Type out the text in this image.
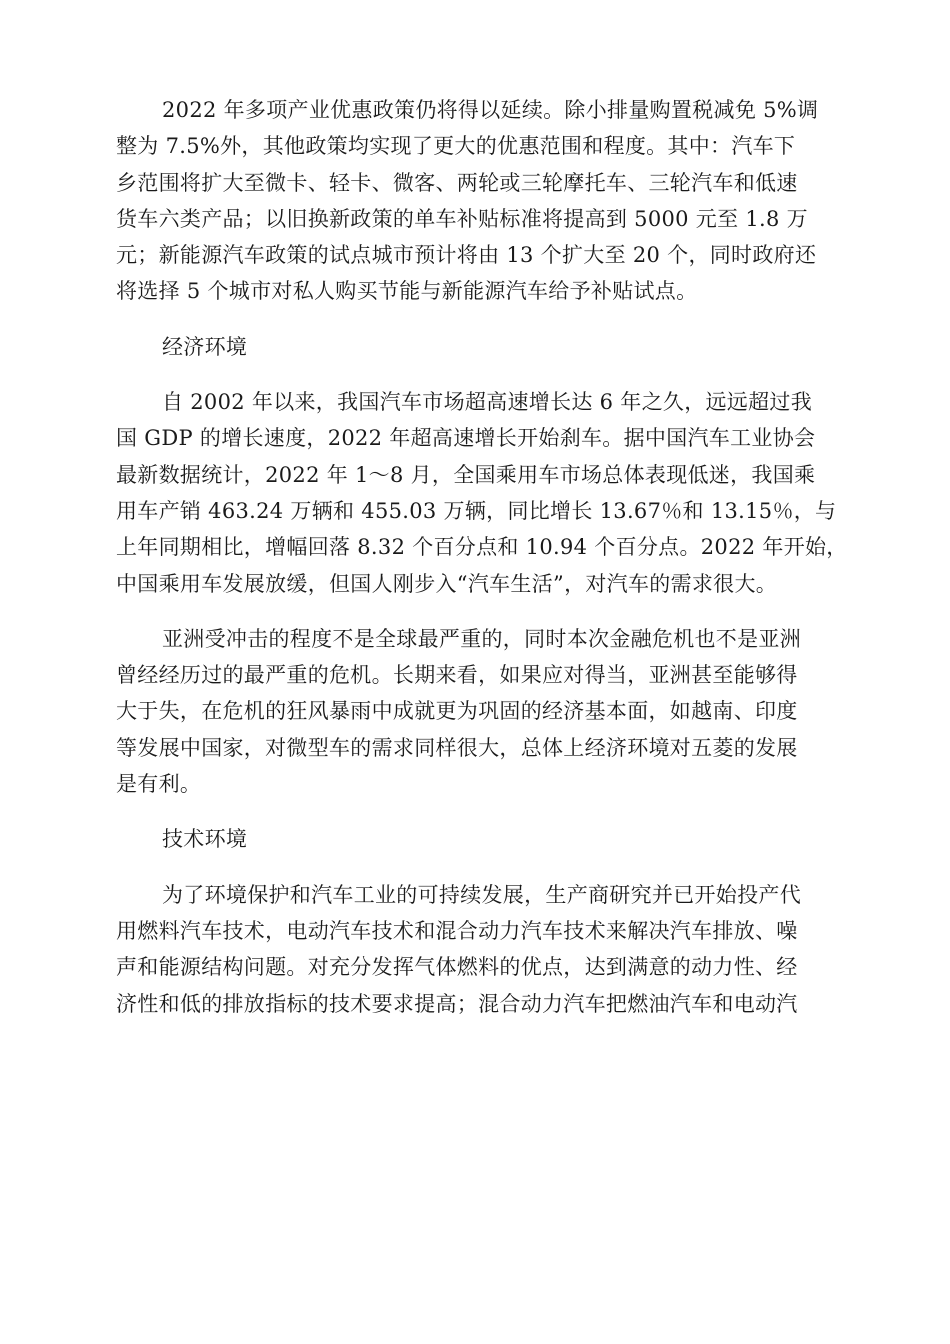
2022 年多项产业优惠政策仍将得以延续。除小排量购置税减免 5%调
整为 7.5%外，其他政策均实现了更大的优惠范围和程度。其中：汽车下
乡范围将扩大至微卡、轻卡、微客、两轮或三轮摩托车、三轮汽车和低速
货车六类产品；以旧换新政策的单车补贴标准将提高到 5000 元至 1.8 万
元；新能源汽车政策的试点城市预计将由 13 个扩大至 20 个，同时政府还
将选择 5 个城市对私人购买节能与新能源汽车给予补贴试点。
经济环境
自 2002 年以来，我国汽车市场超高速增长达 6 年之久，远远超过我
国 GDP 的增长速度，2022 年超高速增长开始刹车。据中国汽车工业协会
最新数据统计，2022 年 1～8 月，全国乘用车市场总体表现低迷，我国乘
用车产销 463.24 万辆和 455.03 万辆，同比增长 13.67％和 13.15％，与
上年同期相比，增幅回落 8.32 个百分点和 10.94 个百分点。2022 年开始，
中国乘用车发展放缓，但国人刚步入“汽车生活”，对汽车的需求很大。
亚洲受冲击的程度不是全球最严重的，同时本次金融危机也不是亚洲
曾经经历过的最严重的危机。长期来看，如果应对得当，亚洲甚至能够得
大于失，在危机的狂风暴雨中成就更为巩固的经济基本面，如越南、印度
等发展中国家，对微型车的需求同样很大，总体上经济环境对五菱的发展
是有利。
技术环境
为了环境保护和汽车工业的可持续发展，生产商研究并已开始投产代
用燃料汽车技术，电动汽车技术和混合动力汽车技术来解决汽车排放、噪
声和能源结构问题。对充分发挥气体燃料的优点，达到满意的动力性、经
济性和低的排放指标的技术要求提高；混合动力汽车把燃油汽车和电动汽
